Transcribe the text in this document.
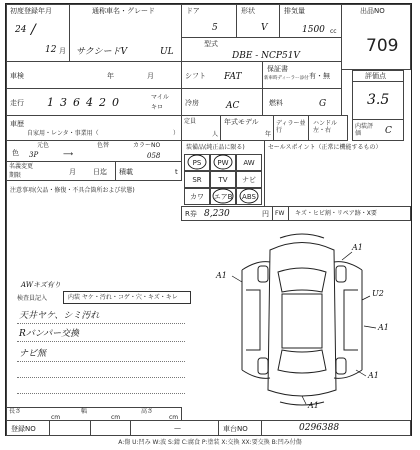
初度登録年月
24 /
12 月
通称車名・グレード
サクシードV	UL
ドア
5
形状
V
排気量
1500 cc
型式
DBE - NCP51V
出品NO
709
車検	年	月	シフト FAT
保証書
新車時ディーラー添付 有・無	評価点
3.5
走行 136420	マイル
キロ
冷房	AC	燃料	G
車歴
自家用・レンタ・事業用（	）
定員
人
年式モデル
年
ディラー並行
ハンドル左・右
内装評価	C
色
元色
3P	⟶
色替	カラーNO
058
装備品(純正品に限る)	セールスポイント（正常に機能するもの）
PS	PW	AW
SR	TV	ナビ
カワ	エアB	ABS
R券 8,230	円 FW キズ・ヒビ割・リペア跡・X要
名義変更
期限	月 日迄 積載	t
注意事項(欠品・修復・不具合箇所および状態)
AWキズ有り
検査員記入	内装 ヤケ・汚れ・コゲ・穴・キズ・キレ
天井ヤケ、シミ汚れ
Rバンパー交換
ナビ無
A1
A1
U2
A1
A1
A1
長さ
cm
幅
cm
高さ
cm
登録NO	—	車台NO	0296388
A:傷 U:凹み W:波 S:錆 C:腐食 P:塗装 X:交換 XX:要交換 B:凹み付傷
